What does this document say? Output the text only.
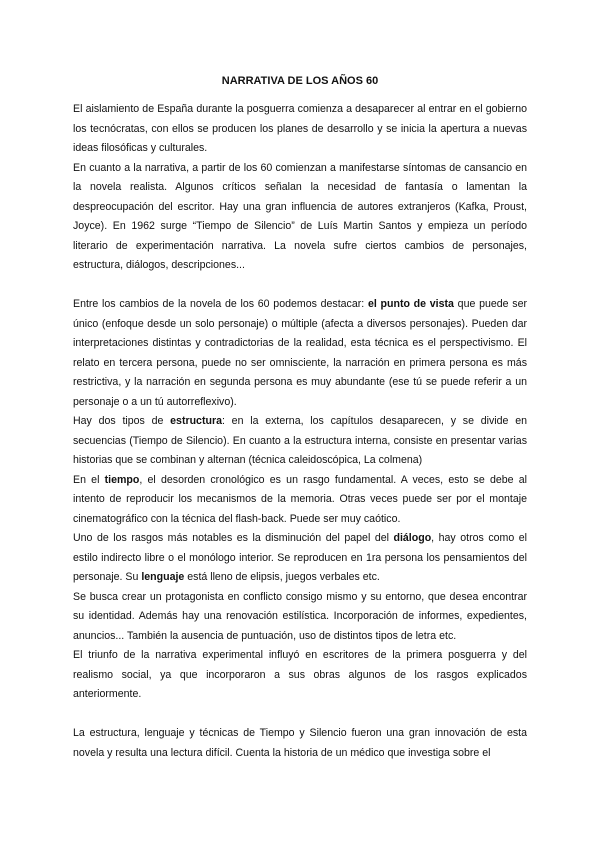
NARRATIVA DE LOS AÑOS 60

El aislamiento de España durante la posguerra comienza a desaparecer al entrar en el gobierno los tecnócratas, con ellos se producen los planes de desarrollo y se inicia la apertura a nuevas ideas filosóficas y culturales.

En cuanto a la narrativa, a partir de los 60 comienzan a manifestarse síntomas de cansancio en la novela realista. Algunos críticos señalan la necesidad de fantasía o lamentan la despreocupación del escritor. Hay una gran influencia de autores extranjeros (Kafka, Proust, Joyce). En 1962 surge “Tiempo de Silencio” de Luís Martin Santos y empieza un período literario de experimentación narrativa. La novela sufre ciertos cambios de personajes, estructura, diálogos, descripciones...

Entre los cambios de la novela de los 60 podemos destacar: el punto de vista que puede ser único (enfoque desde un solo personaje) o múltiple (afecta a diversos personajes). Pueden dar interpretaciones distintas y contradictorias de la realidad, esta técnica es el perspectivismo. El relato en tercera persona, puede no ser omnisciente, la narración en primera persona es más restrictiva, y la narración en segunda persona es muy abundante (ese tú se puede referir a un personaje o a un tú autorreflexivo).

Hay dos tipos de estructura: en la externa, los capítulos desaparecen, y se divide en secuencias (Tiempo de Silencio). En cuanto a la estructura interna, consiste en presentar varias historias que se combinan y alternan (técnica caleidoscópica, La colmena)

En el tiempo, el desorden cronológico es un rasgo fundamental. A veces, esto se debe al intento de reproducir los mecanismos de la memoria. Otras veces puede ser por el montaje cinematográfico con la técnica del flash-back. Puede ser muy caótico.

Uno de los rasgos más notables es la disminución del papel del diálogo, hay otros como el estilo indirecto libre o el monólogo interior. Se reproducen en 1ra persona los pensamientos del personaje. Su lenguaje está lleno de elipsis, juegos verbales etc.

Se busca crear un protagonista en conflicto consigo mismo y su entorno, que desea encontrar su identidad. Además hay una renovación estilística. Incorporación de informes, expedientes, anuncios... También la ausencia de puntuación, uso de distintos tipos de letra etc.

El triunfo de la narrativa experimental influyó en escritores de la primera posguerra y del realismo social, ya que incorporaron a sus obras algunos de los rasgos explicados anteriormente.

La estructura, lenguaje y técnicas de Tiempo y Silencio fueron una gran innovación de esta novela y resulta una lectura difícil. Cuenta la historia de un médico que investiga sobre el
